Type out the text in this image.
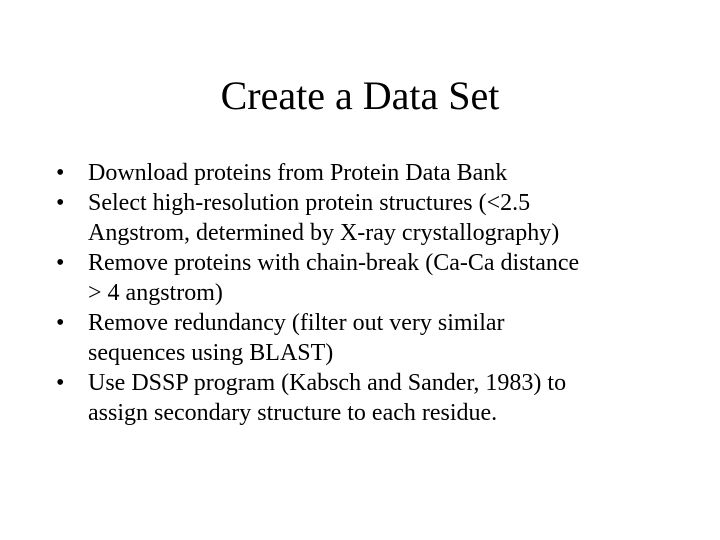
Create a Data Set
• Download proteins from Protein Data Bank
• Select high-resolution protein structures (<2.5
Angstrom, determined by X-ray crystallography)
• Remove proteins with chain-break (Ca-Ca distance
> 4 angstrom)
• Remove redundancy (filter out very similar
sequences using BLAST)
• Use DSSP program (Kabsch and Sander, 1983) to
assign secondary structure to each residue.
